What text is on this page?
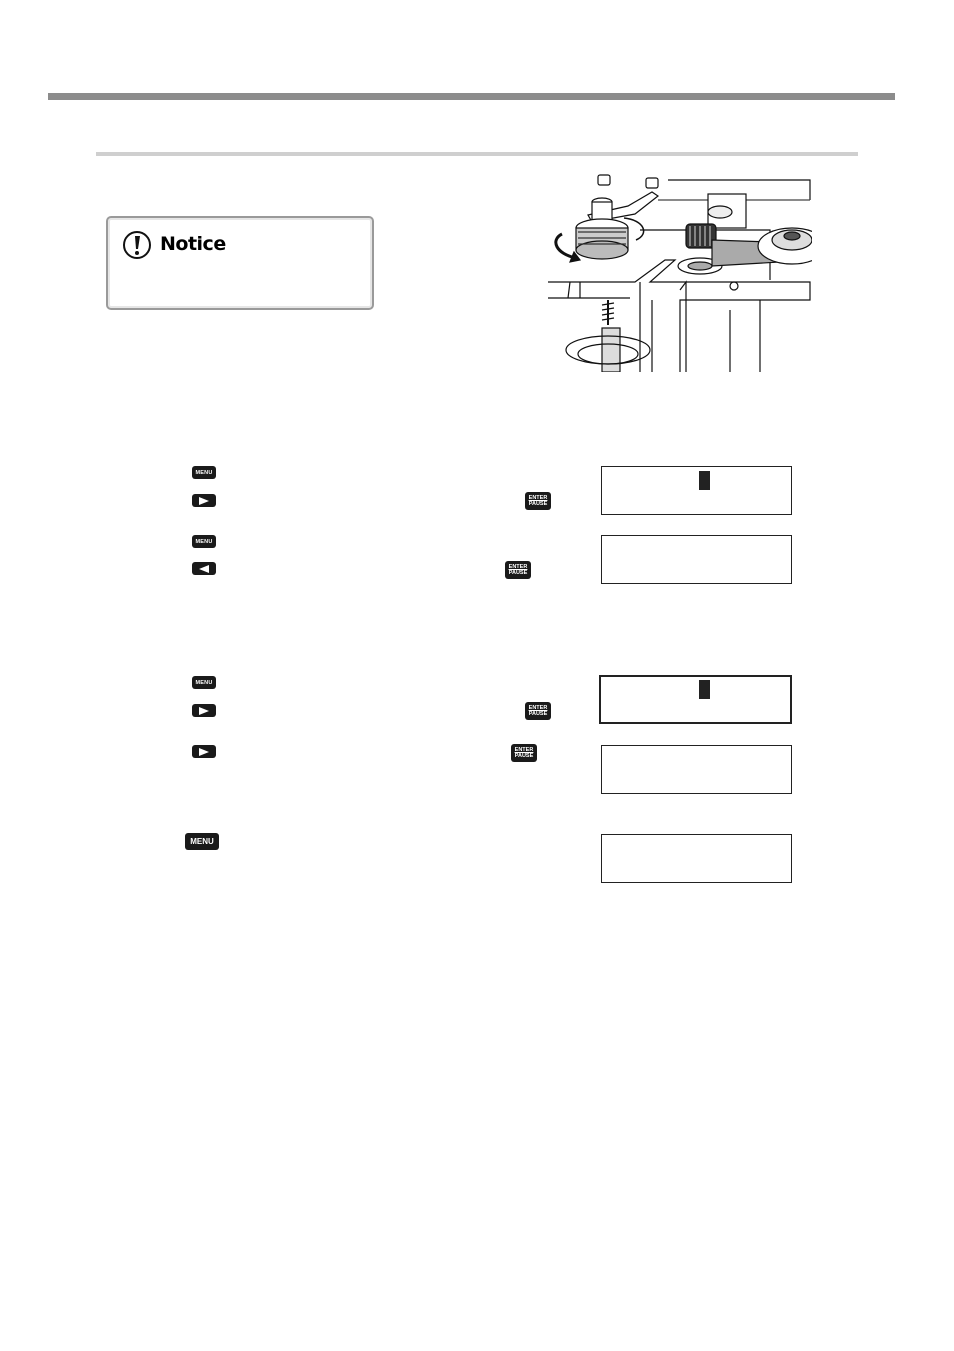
Notice
MENU
ENTER
PAUSE
MENU
ENTER
PAUSE
MENU
ENTER
PAUSE
ENTER
PAUSE
MENU
